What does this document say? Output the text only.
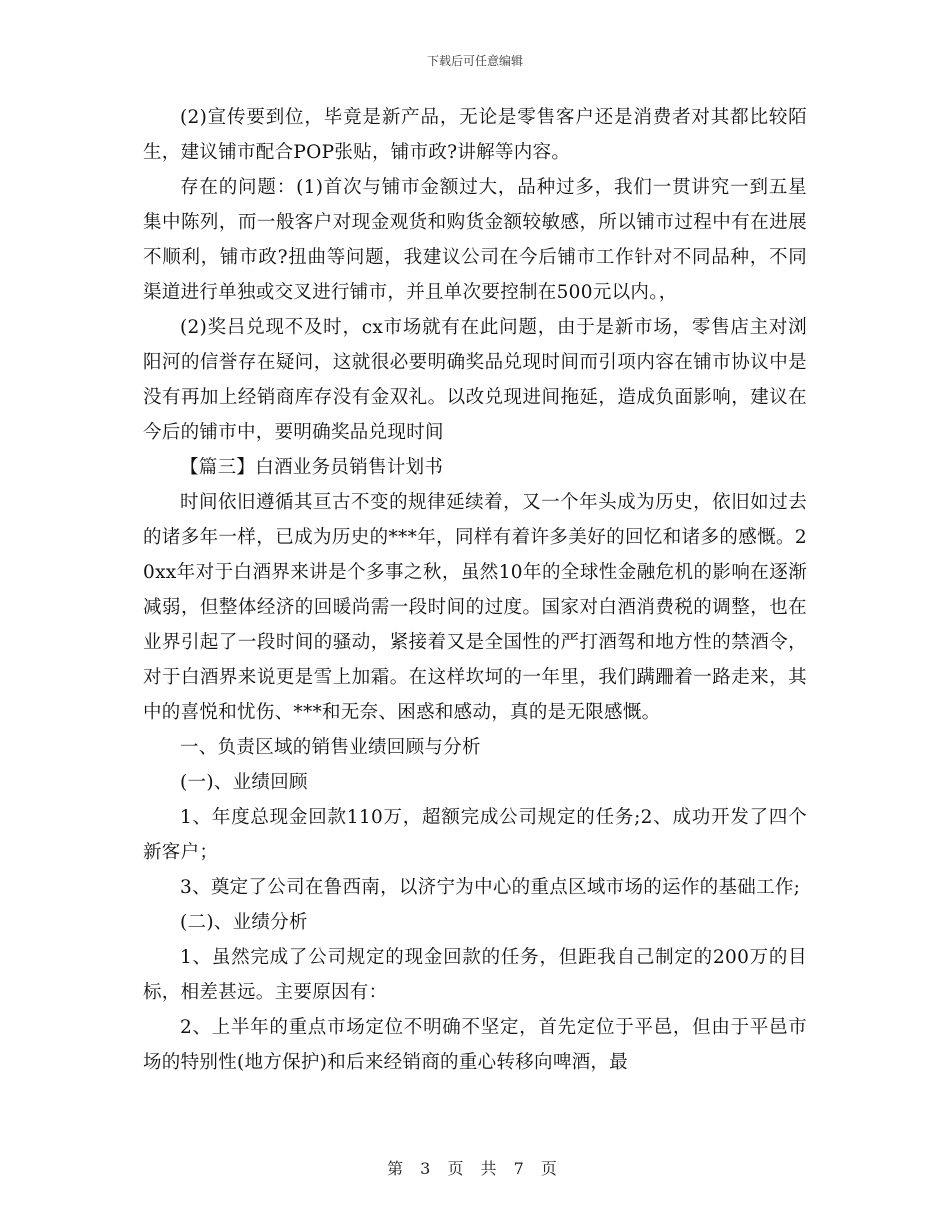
下载后可任意编辑

(2)宣传要到位，毕竟是新产品，无论是零售客户还是消费者对其都比较陌生，建议铺市配合POP张贴，铺市政?讲解等内容。

存在的问题：(1)首次与铺市金额过大，品种过多，我们一贯讲究一到五星集中陈列，而一般客户对现金观货和购货金额较敏感，所以铺市过程中有在进展不顺利，铺市政?扭曲等问题，我建议公司在今后铺市工作针对不同品种，不同渠道进行单独或交叉进行铺市，并且单次要控制在500元以内。，

(2)奖吕兑现不及时，cx市场就有在此问题，由于是新市场，零售店主对浏阳河的信誉存在疑问，这就很必要明确奖品兑现时间而引项内容在铺市协议中是没有再加上经销商库存没有金双礼。以改兑现进间拖延，造成负面影响，建议在今后的铺市中，要明确奖品兑现时间

【篇三】白酒业务员销售计划书

时间依旧遵循其亘古不变的规律延续着，又一个年头成为历史，依旧如过去的诸多年一样，已成为历史的***年，同样有着许多美好的回忆和诸多的感慨。20xx年对于白酒界来讲是个多事之秋，虽然10年的全球性金融危机的影响在逐渐减弱，但整体经济的回暖尚需一段时间的过度。国家对白酒消费税的调整，也在业界引起了一段时间的骚动，紧接着又是全国性的严打酒驾和地方性的禁酒令，对于白酒界来说更是雪上加霜。在这样坎坷的一年里，我们蹒跚着一路走来，其中的喜悦和忧伤、***和无奈、困惑和感动，真的是无限感慨。

一、负责区域的销售业绩回顾与分析

(一)、业绩回顾

1、年度总现金回款110万，超额完成公司规定的任务;2、成功开发了四个新客户；

3、奠定了公司在鲁西南，以济宁为中心的重点区域市场的运作的基础工作;

(二)、业绩分析

1、虽然完成了公司规定的现金回款的任务，但距我自己制定的200万的目标，相差甚远。主要原因有：

2、上半年的重点市场定位不明确不坚定，首先定位于平邑，但由于平邑市场的特别性(地方保护)和后来经销商的重心转移向啤酒，最

第 3 页 共 7 页
